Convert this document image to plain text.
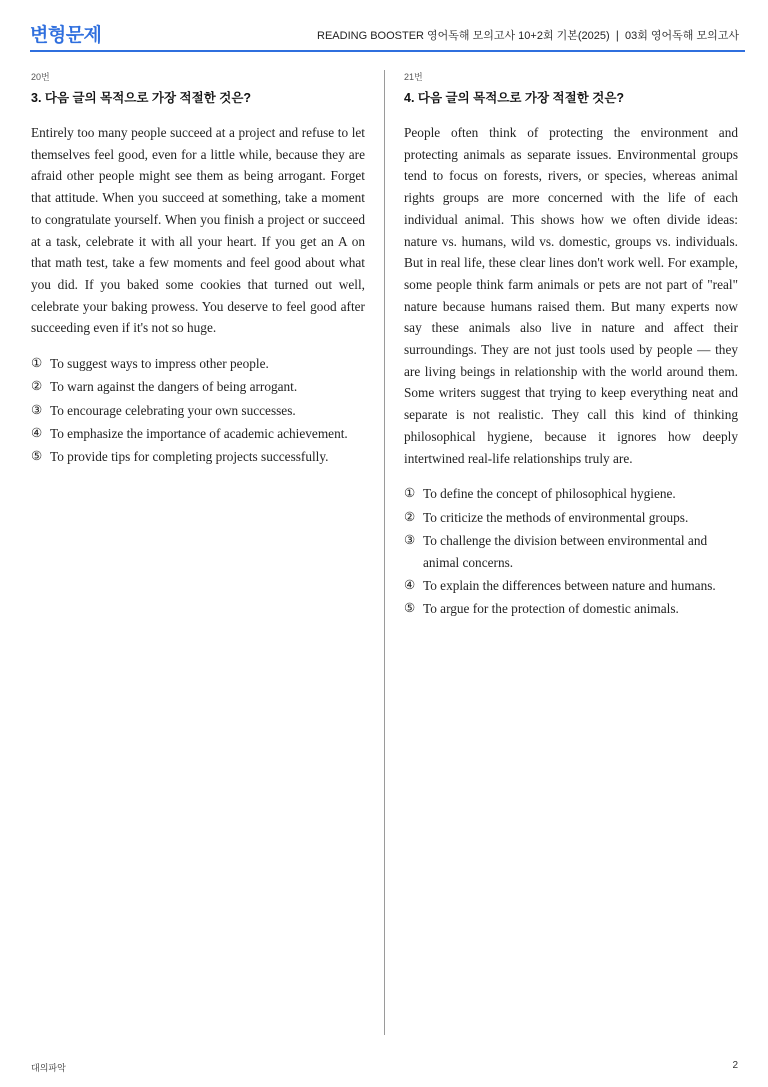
변형문제	READING BOOSTER 영어독해 모의고사 10+2회 기본(2025) ❘ 03회 영어독해 모의고사
20번
3. 다음 글의 목적으로 가장 적절한 것은?

Entirely too many people succeed at a project and refuse to let themselves feel good, even for a little while, because they are afraid other people might see them as being arrogant. Forget that attitude. When you succeed at something, take a moment to congratulate yourself. When you finish a project or succeed at a task, celebrate it with all your heart. If you get an A on that math test, take a few moments and feel good about what you did. If you baked some cookies that turned out well, celebrate your baking prowess. You deserve to feel good after succeeding even if it's not so huge.

① To suggest ways to impress other people.
② To warn against the dangers of being arrogant.
③ To encourage celebrating your own successes.
④ To emphasize the importance of academic achievement.
⑤ To provide tips for completing projects successfully.
21번
4. 다음 글의 목적으로 가장 적절한 것은?

People often think of protecting the environment and protecting animals as separate issues. Environmental groups tend to focus on forests, rivers, or species, whereas animal rights groups are more concerned with the life of each individual animal. This shows how we often divide ideas: nature vs. humans, wild vs. domestic, groups vs. individuals. But in real life, these clear lines don't work well. For example, some people think farm animals or pets are not part of "real" nature because humans raised them. But many experts now say these animals also live in nature and affect their surroundings. They are not just tools used by people — they are living beings in relationship with the world around them. Some writers suggest that trying to keep everything neat and separate is not realistic. They call this kind of thinking philosophical hygiene, because it ignores how deeply intertwined real-life relationships truly are.

① To define the concept of philosophical hygiene.
② To criticize the methods of environmental groups.
③ To challenge the division between environmental and animal concerns.
④ To explain the differences between nature and humans.
⑤ To argue for the protection of domestic animals.
대의파악	2
